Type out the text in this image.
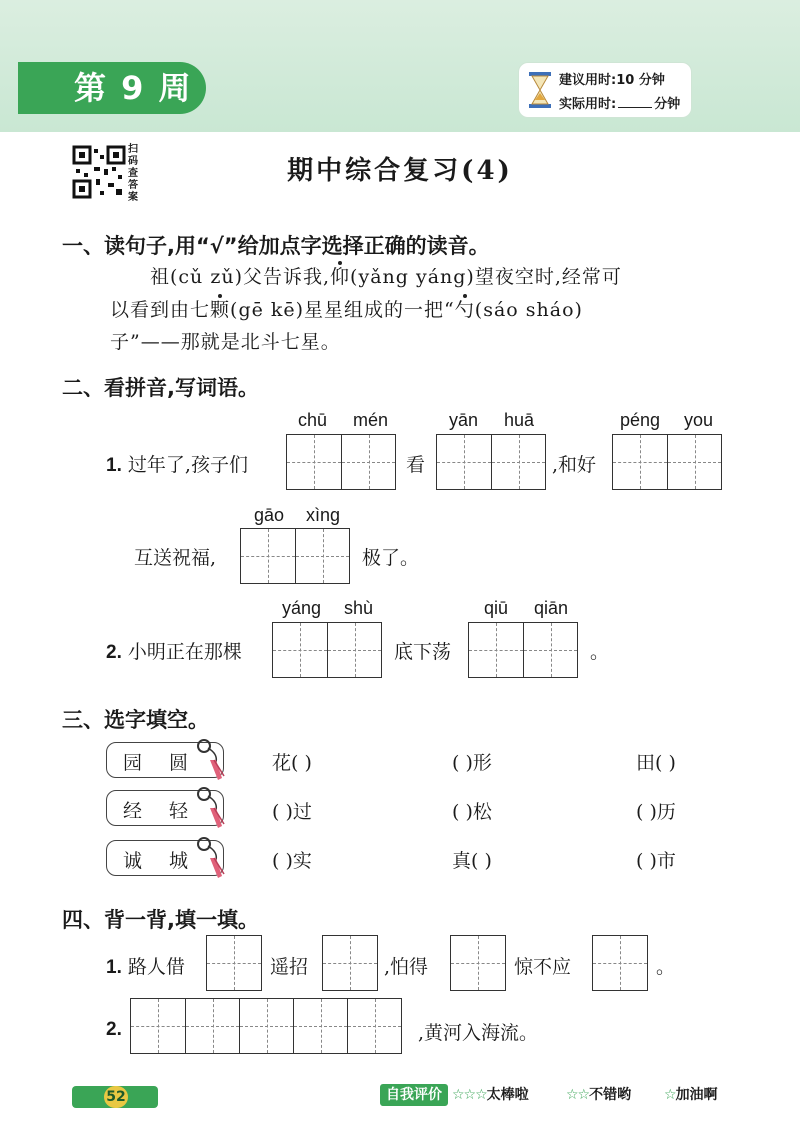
第 9 周	建议用时:10 分钟
实际用时:	分钟
扫码查答案
期中综合复习(4)
一、读句子,用“√”给加点字选择正确的读音。
祖(cǔ zǔ)父告诉我,仰(yǎng yáng)望夜空时,经常可
以看到由七颗(gē kē)星星组成的一把“勺(sáo sháo)
子”——那就是北斗七星。
二、看拼音,写词语。
chū mén	yān huā	péng you
1. 过年了,孩子们	看	,和好
gāo xìng
互送祝福,	极了。
yáng shù	qiū qiān
2. 小明正在那棵	底下荡	。
三、选字填空。
园 圆	花( )	( )形	田( )
经 轻	( )过	( )松	( )历
诚 城	( )实	真( )	( )市
四、背一背,填一填。
1. 路人借	遥招	,怕得	惊不应	。
2.	,黄河入海流。
52	自我评价 ☆☆☆太棒啦	☆☆不错哟 ☆加油啊
